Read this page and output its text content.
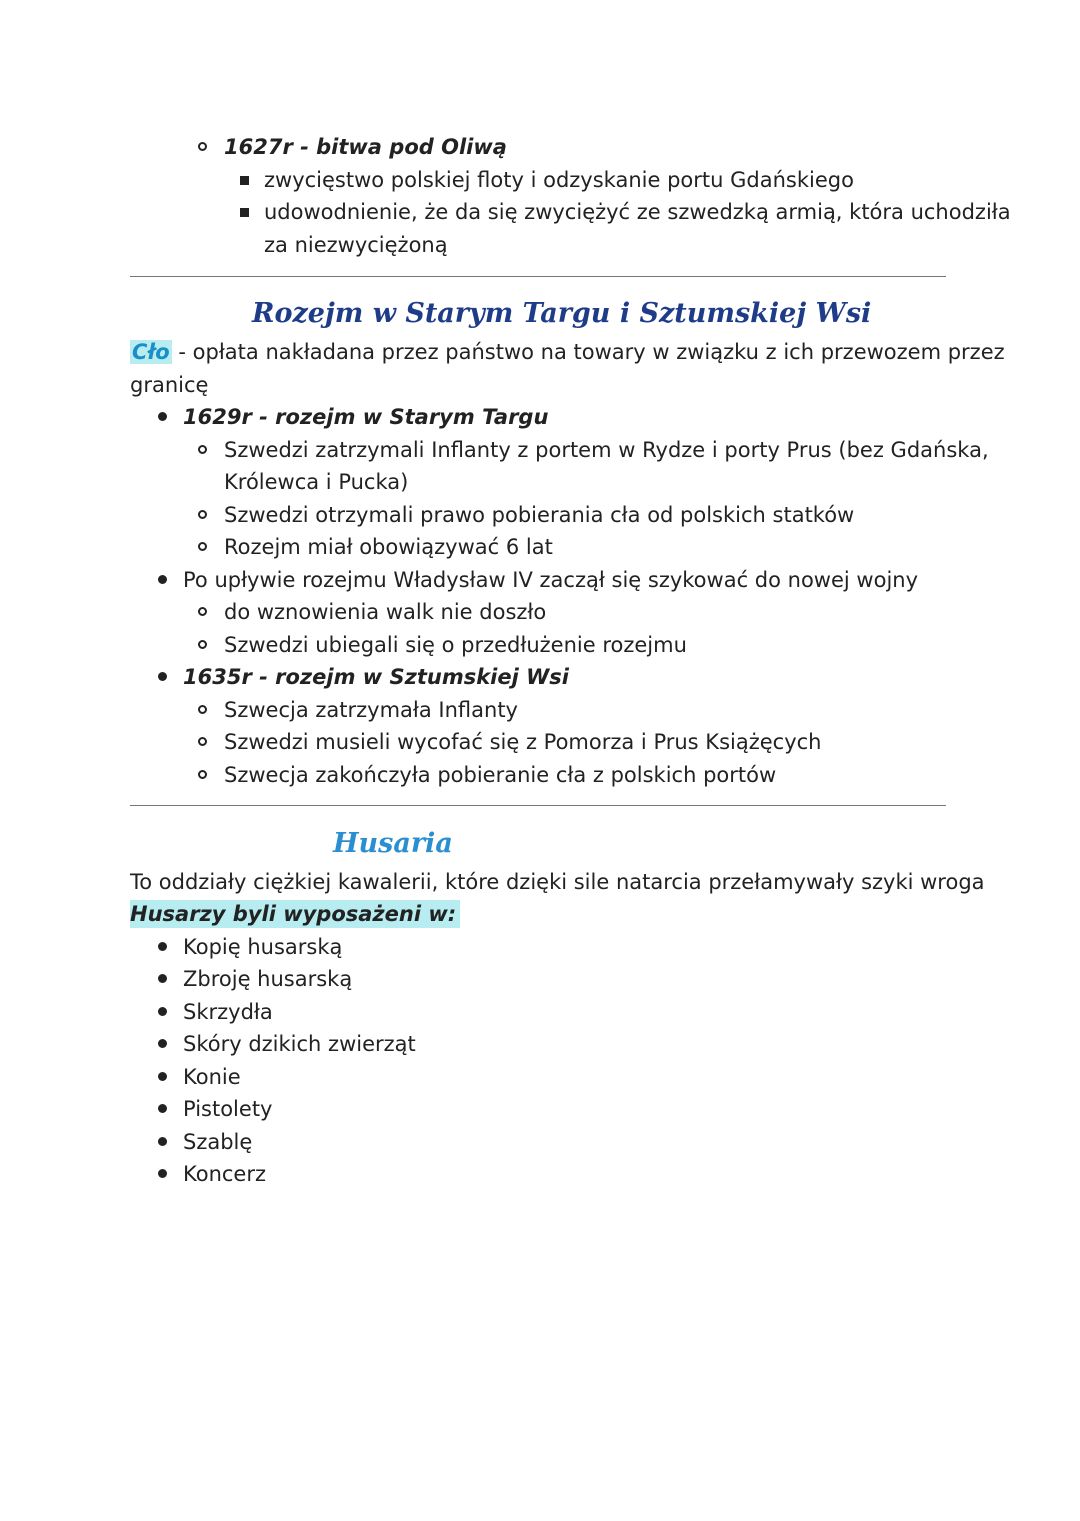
1627r - bitwa pod Oliwą
zwycięstwo polskiej floty i odzyskanie portu Gdańskiego
udowodnienie, że da się zwyciężyć ze szwedzką armią, która uchodziła
za niezwyciężoną
Rozejm w Starym Targu i Sztumskiej Wsi
Cło - opłata nakładana przez państwo na towary w związku z ich przewozem przez
granicę
1629r - rozejm w Starym Targu
Szwedzi zatrzymali Inflanty z portem w Rydze i porty Prus (bez Gdańska,
Królewca i Pucka)
Szwedzi otrzymali prawo pobierania cła od polskich statków
Rozejm miał obowiązywać 6 lat
Po upływie rozejmu Władysław IV zaczął się szykować do nowej wojny
do wznowienia walk nie doszło
Szwedzi ubiegali się o przedłużenie rozejmu
1635r - rozejm w Sztumskiej Wsi
Szwecja zatrzymała Inflanty
Szwedzi musieli wycofać się z Pomorza i Prus Książęcych
Szwecja zakończyła pobieranie cła z polskich portów
Husaria
To oddziały ciężkiej kawalerii, które dzięki sile natarcia przełamywały szyki wroga
Husarzy byli wyposażeni w:
Kopię husarską
Zbroję husarską
Skrzydła
Skóry dzikich zwierząt
Konie
Pistolety
Szablę
Koncerz
